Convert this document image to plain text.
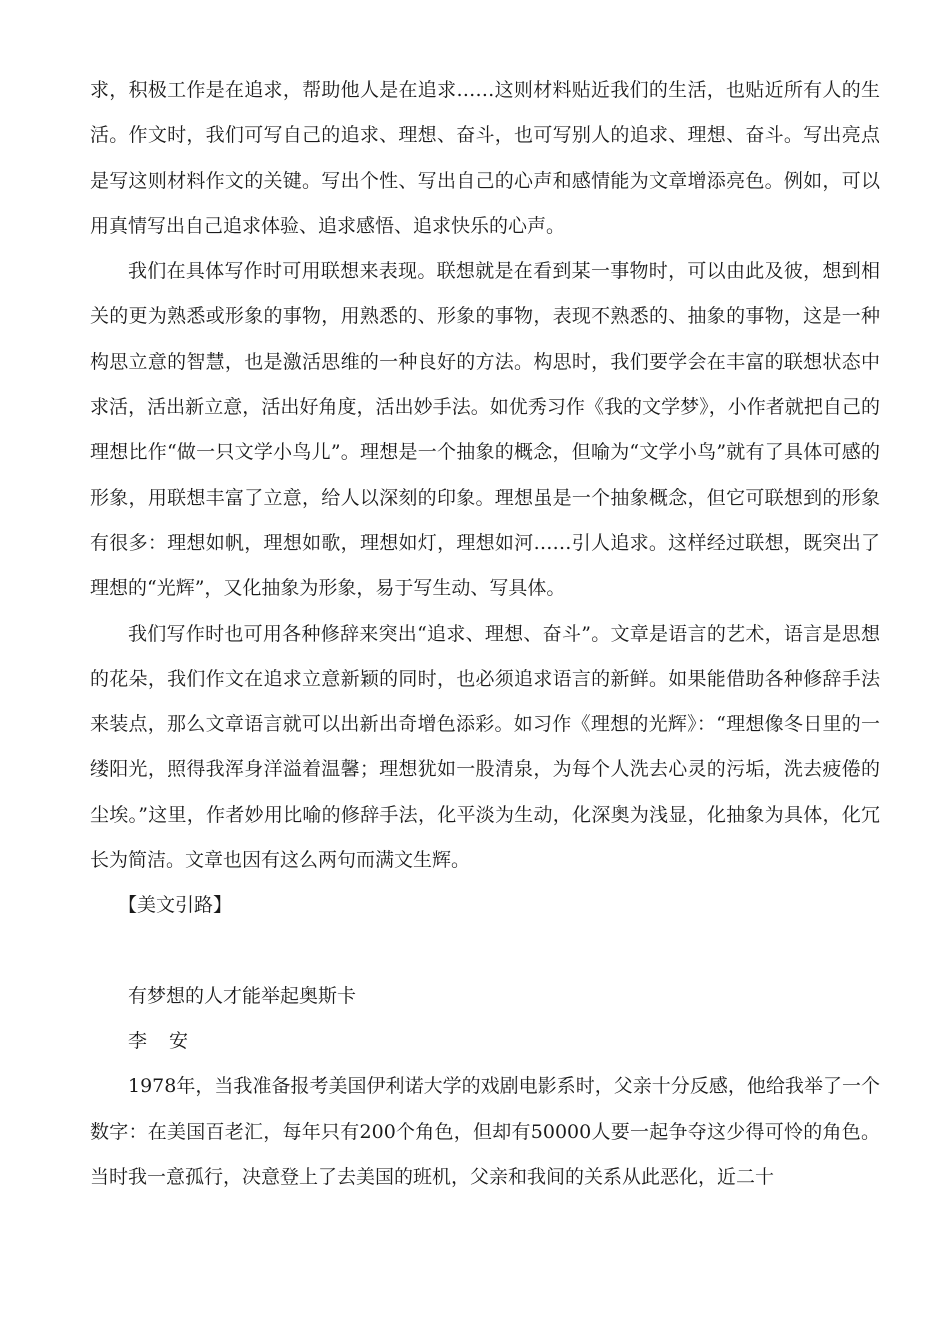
求，积极工作是在追求，帮助他人是在追求……这则材料贴近我们的生活，也贴近所有人的生活。作文时，我们可写自己的追求、理想、奋斗，也可写别人的追求、理想、奋斗。写出亮点是写这则材料作文的关键。写出个性、写出自己的心声和感情能为文章增添亮色。例如，可以用真情写出自己追求体验、追求感悟、追求快乐的心声。

我们在具体写作时可用联想来表现。联想就是在看到某一事物时，可以由此及彼，想到相关的更为熟悉或形象的事物，用熟悉的、形象的事物，表现不熟悉的、抽象的事物，这是一种构思立意的智慧，也是激活思维的一种良好的方法。构思时，我们要学会在丰富的联想状态中求活，活出新立意，活出好角度，活出妙手法。如优秀习作《我的文学梦》，小作者就把自己的理想比作“做一只文学小鸟儿”。理想是一个抽象的概念，但喻为“文学小鸟”就有了具体可感的形象，用联想丰富了立意，给人以深刻的印象。理想虽是一个抽象概念，但它可联想到的形象有很多：理想如帆，理想如歌，理想如灯，理想如河……引人追求。这样经过联想，既突出了理想的“光辉”，又化抽象为形象，易于写生动、写具体。

我们写作时也可用各种修辞来突出“追求、理想、奋斗”。文章是语言的艺术，语言是思想的花朵，我们作文在追求立意新颖的同时，也必须追求语言的新鲜。如果能借助各种修辞手法来装点，那么文章语言就可以出新出奇增色添彩。如习作《理想的光辉》：“理想像冬日里的一缕阳光，照得我浑身洋溢着温馨；理想犹如一股清泉，为每个人洗去心灵的污垢，洗去疲倦的尘埃。”这里，作者妙用比喻的修辞手法，化平淡为生动，化深奥为浅显，化抽象为具体，化冗长为简洁。文章也因有这么两句而满文生辉。

【美文引路】

有梦想的人才能举起奥斯卡

李 安

1978年，当我准备报考美国伊利诺大学的戏剧电影系时，父亲十分反感，他给我举了一个数字：在美国百老汇，每年只有200个角色，但却有50000人要一起争夺这少得可怜的角色。当时我一意孤行，决意登上了去美国的班机，父亲和我间的关系从此恶化，近二十
